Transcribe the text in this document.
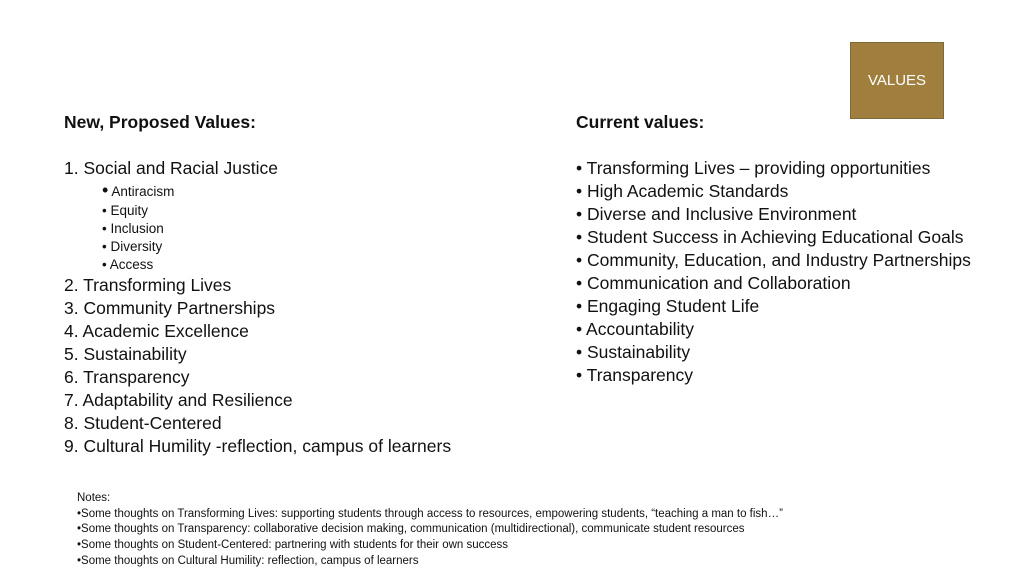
VALUES
New, Proposed Values:
1. Social and Racial Justice
• Antiracism
• Equity
• Inclusion
• Diversity
• Access
2. Transforming Lives
3. Community Partnerships
4. Academic Excellence
5. Sustainability
6. Transparency
7. Adaptability and Resilience
8. Student-Centered
9. Cultural Humility -reflection, campus of learners
Current values:
• Transforming Lives – providing opportunities
• High Academic Standards
• Diverse and Inclusive Environment
• Student Success in Achieving Educational Goals
• Community, Education, and Industry Partnerships
• Communication and Collaboration
• Engaging Student Life
• Accountability
• Sustainability
• Transparency
Notes:
•Some thoughts on Transforming Lives: supporting students through access to resources, empowering students, “teaching a man to fish…”
•Some thoughts on Transparency: collaborative decision making, communication (multidirectional), communicate student resources
•Some thoughts on Student-Centered: partnering with students for their own success
•Some thoughts on Cultural Humility: reflection, campus of learners
